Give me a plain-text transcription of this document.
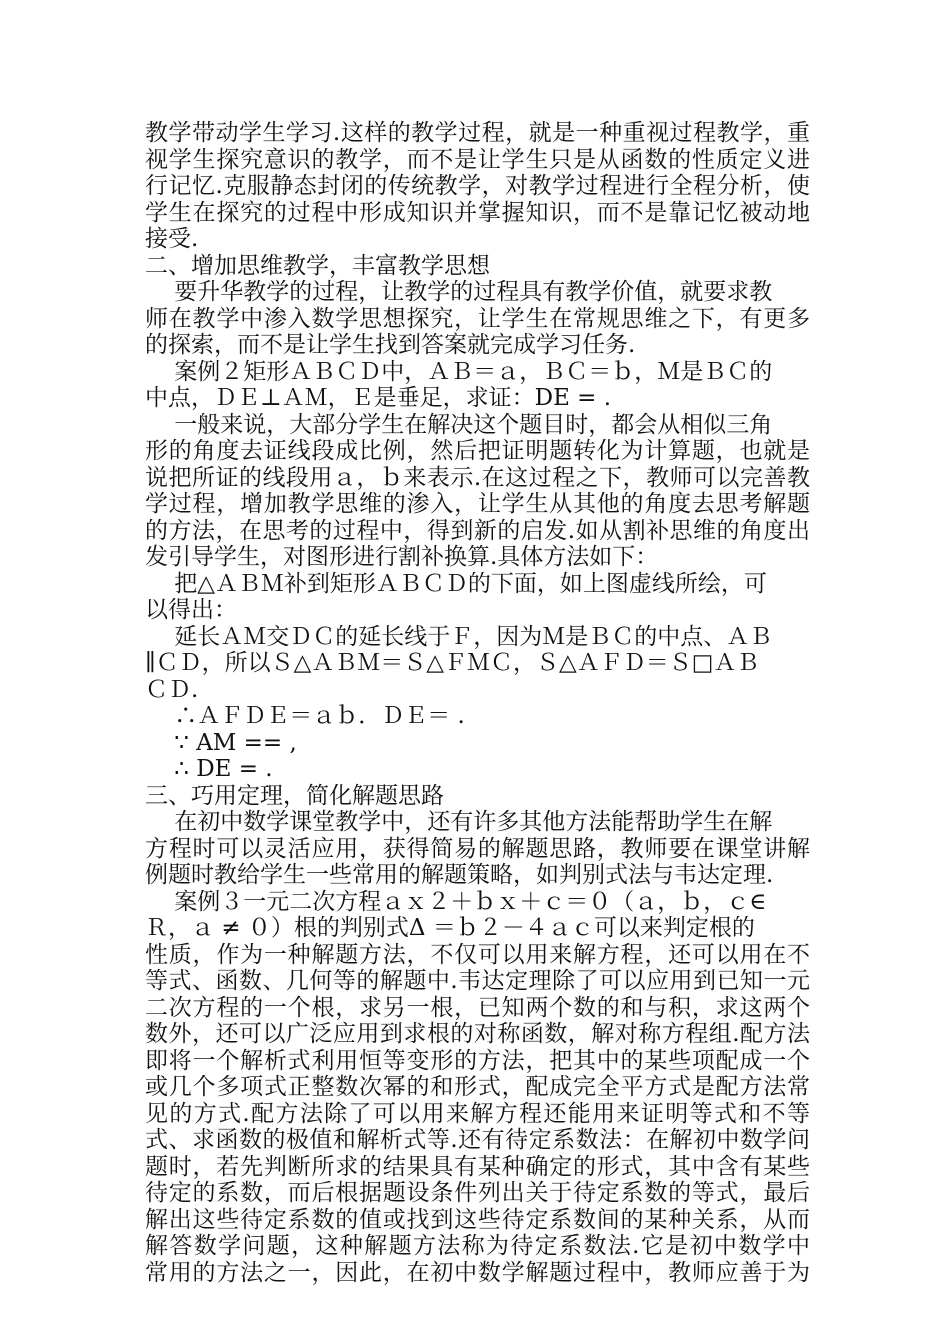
教学带动学生学习.这样的教学过程，就是一种重视过程教学，重
视学生探究意识的教学，而不是让学生只是从函数的性质定义进
行记忆.克服静态封闭的传统教学，对教学过程进行全程分析，使
学生在探究的过程中形成知识并掌握知识，而不是靠记忆被动地
接受.
二、增加思维教学，丰富教学思想
要升华教学的过程，让教学的过程具有教学价值，就要求教
师在教学中渗入数学思想探究，让学生在常规思维之下，有更多
的探索，而不是让学生找到答案就完成学习任务.
案例２矩形ＡＢＣＤ中，ＡＢ＝ａ，ＢＣ＝ｂ，Ｍ是ＢＣ的
中点，ＤＥ⊥ＡＭ，Ｅ是垂足，求证：DE = .
一般来说，大部分学生在解决这个题目时，都会从相似三角
形的角度去证线段成比例，然后把证明题转化为计算题，也就是
说把所证的线段用ａ，ｂ来表示.在这过程之下，教师可以完善教
学过程，增加教学思维的渗入，让学生从其他的角度去思考解题
的方法，在思考的过程中，得到新的启发.如从割补思维的角度出
发引导学生，对图形进行割补换算.具体方法如下：
把△ＡＢＭ补到矩形ＡＢＣＤ的下面，如上图虚线所绘，可
以得出：
延长ＡＭ交ＤＣ的延长线于Ｆ，因为Ｍ是ＢＣ的中点、ＡＢ
∥ＣＤ，所以Ｓ△ＡＢＭ＝Ｓ△ＦＭＣ，Ｓ△ＡＦＤ＝Ｓ□ＡＢ
ＣＤ.
∴ＡＦＤＥ＝ａｂ．ＤＥ＝ .
∵ AM == ,
∴ DE = .
三、巧用定理，简化解题思路
在初中数学课堂教学中，还有许多其他方法能帮助学生在解
方程时可以灵活应用，获得简易的解题思路，教师要在课堂讲解
例题时教给学生一些常用的解题策略，如判别式法与韦达定理.
案例３一元二次方程ａｘ２＋ｂｘ＋ｃ＝０（ａ，ｂ，ｃ∈
Ｒ，ａ ≠ ０）根的判别式Δ ＝ｂ２－４ａｃ可以来判定根的
性质，作为一种解题方法，不仅可以用来解方程，还可以用在不
等式、函数、几何等的解题中.韦达定理除了可以应用到已知一元
二次方程的一个根，求另一根，已知两个数的和与积，求这两个
数外，还可以广泛应用到求根的对称函数，解对称方程组.配方法
即将一个解析式利用恒等变形的方法，把其中的某些项配成一个
或几个多项式正整数次幂的和形式，配成完全平方式是配方法常
见的方式.配方法除了可以用来解方程还能用来证明等式和不等
式、求函数的极值和解析式等.还有待定系数法：在解初中数学问
题时，若先判断所求的结果具有某种确定的形式，其中含有某些
待定的系数，而后根据题设条件列出关于待定系数的等式，最后
解出这些待定系数的值或找到这些待定系数间的某种关系，从而
解答数学问题，这种解题方法称为待定系数法.它是初中数学中
常用的方法之一，因此，在初中数学解题过程中，教师应善于为
